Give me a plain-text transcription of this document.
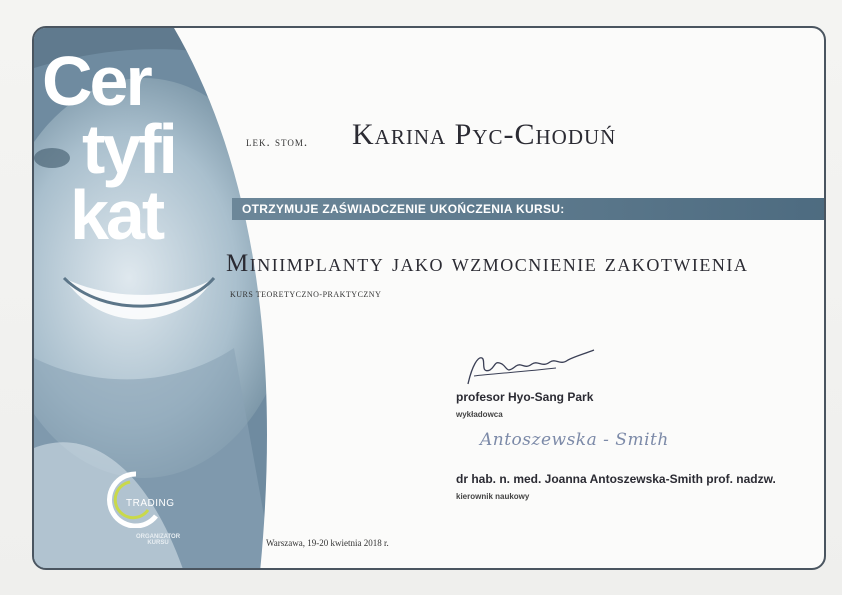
Cer
tyfi
kat
TRADING
ORGANIZATOR KURSU
lek. stom. Karina Pyc-Choduń
OTRZYMUJE ZAŚWIADCZENIE UKOŃCZENIA KURSU:
Miniimplanty jako wzmocnienie zakotwienia
KURS TEORETYCZNO-PRAKTYCZNY
profesor Hyo-Sang Park
wykładowca
Antoszewska - Smith
dr hab. n. med. Joanna Antoszewska-Smith prof. nadzw.
kierownik naukowy
Warszawa, 19-20 kwietnia 2018 r.
